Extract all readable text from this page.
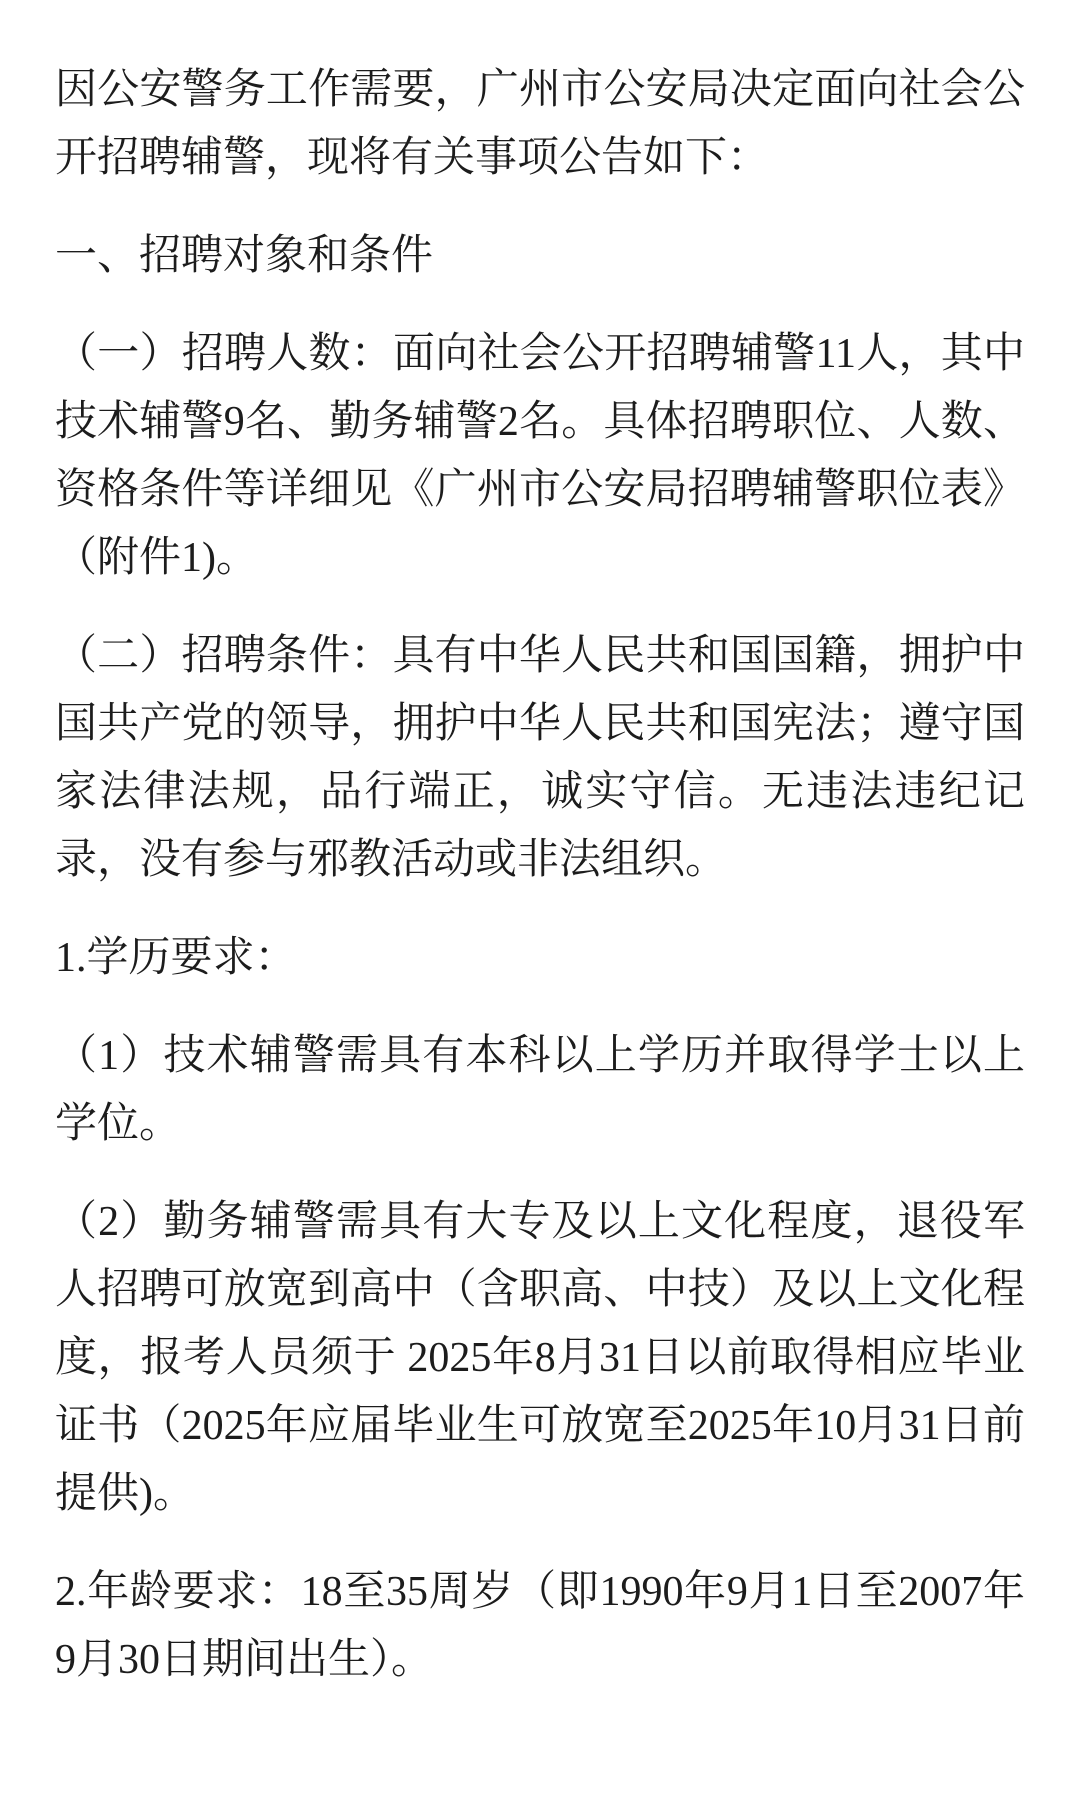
因公安警务工作需要，广州市公安局决定面向社会公开招聘辅警，现将有关事项公告如下：

一、招聘对象和条件

（一）招聘人数：面向社会公开招聘辅警11人，其中技术辅警9名、勤务辅警2名。具体招聘职位、人数、资格条件等详细见《广州市公安局招聘辅警职位表》（附件1)。

（二）招聘条件：具有中华人民共和国国籍，拥护中国共产党的领导，拥护中华人民共和国宪法；遵守国家法律法规，品行端正，诚实守信。无违法违纪记录，没有参与邪教活动或非法组织。

1.学历要求：

（1）技术辅警需具有本科以上学历并取得学士以上学位。

（2）勤务辅警需具有大专及以上文化程度，退役军人招聘可放宽到高中（含职高、中技）及以上文化程度，报考人员须于 2025年8月31日以前取得相应毕业证书（2025年应届毕业生可放宽至2025年10月31日前提供)。

2.年龄要求：18至35周岁（即1990年9月1日至2007年9月30日期间出生）。
